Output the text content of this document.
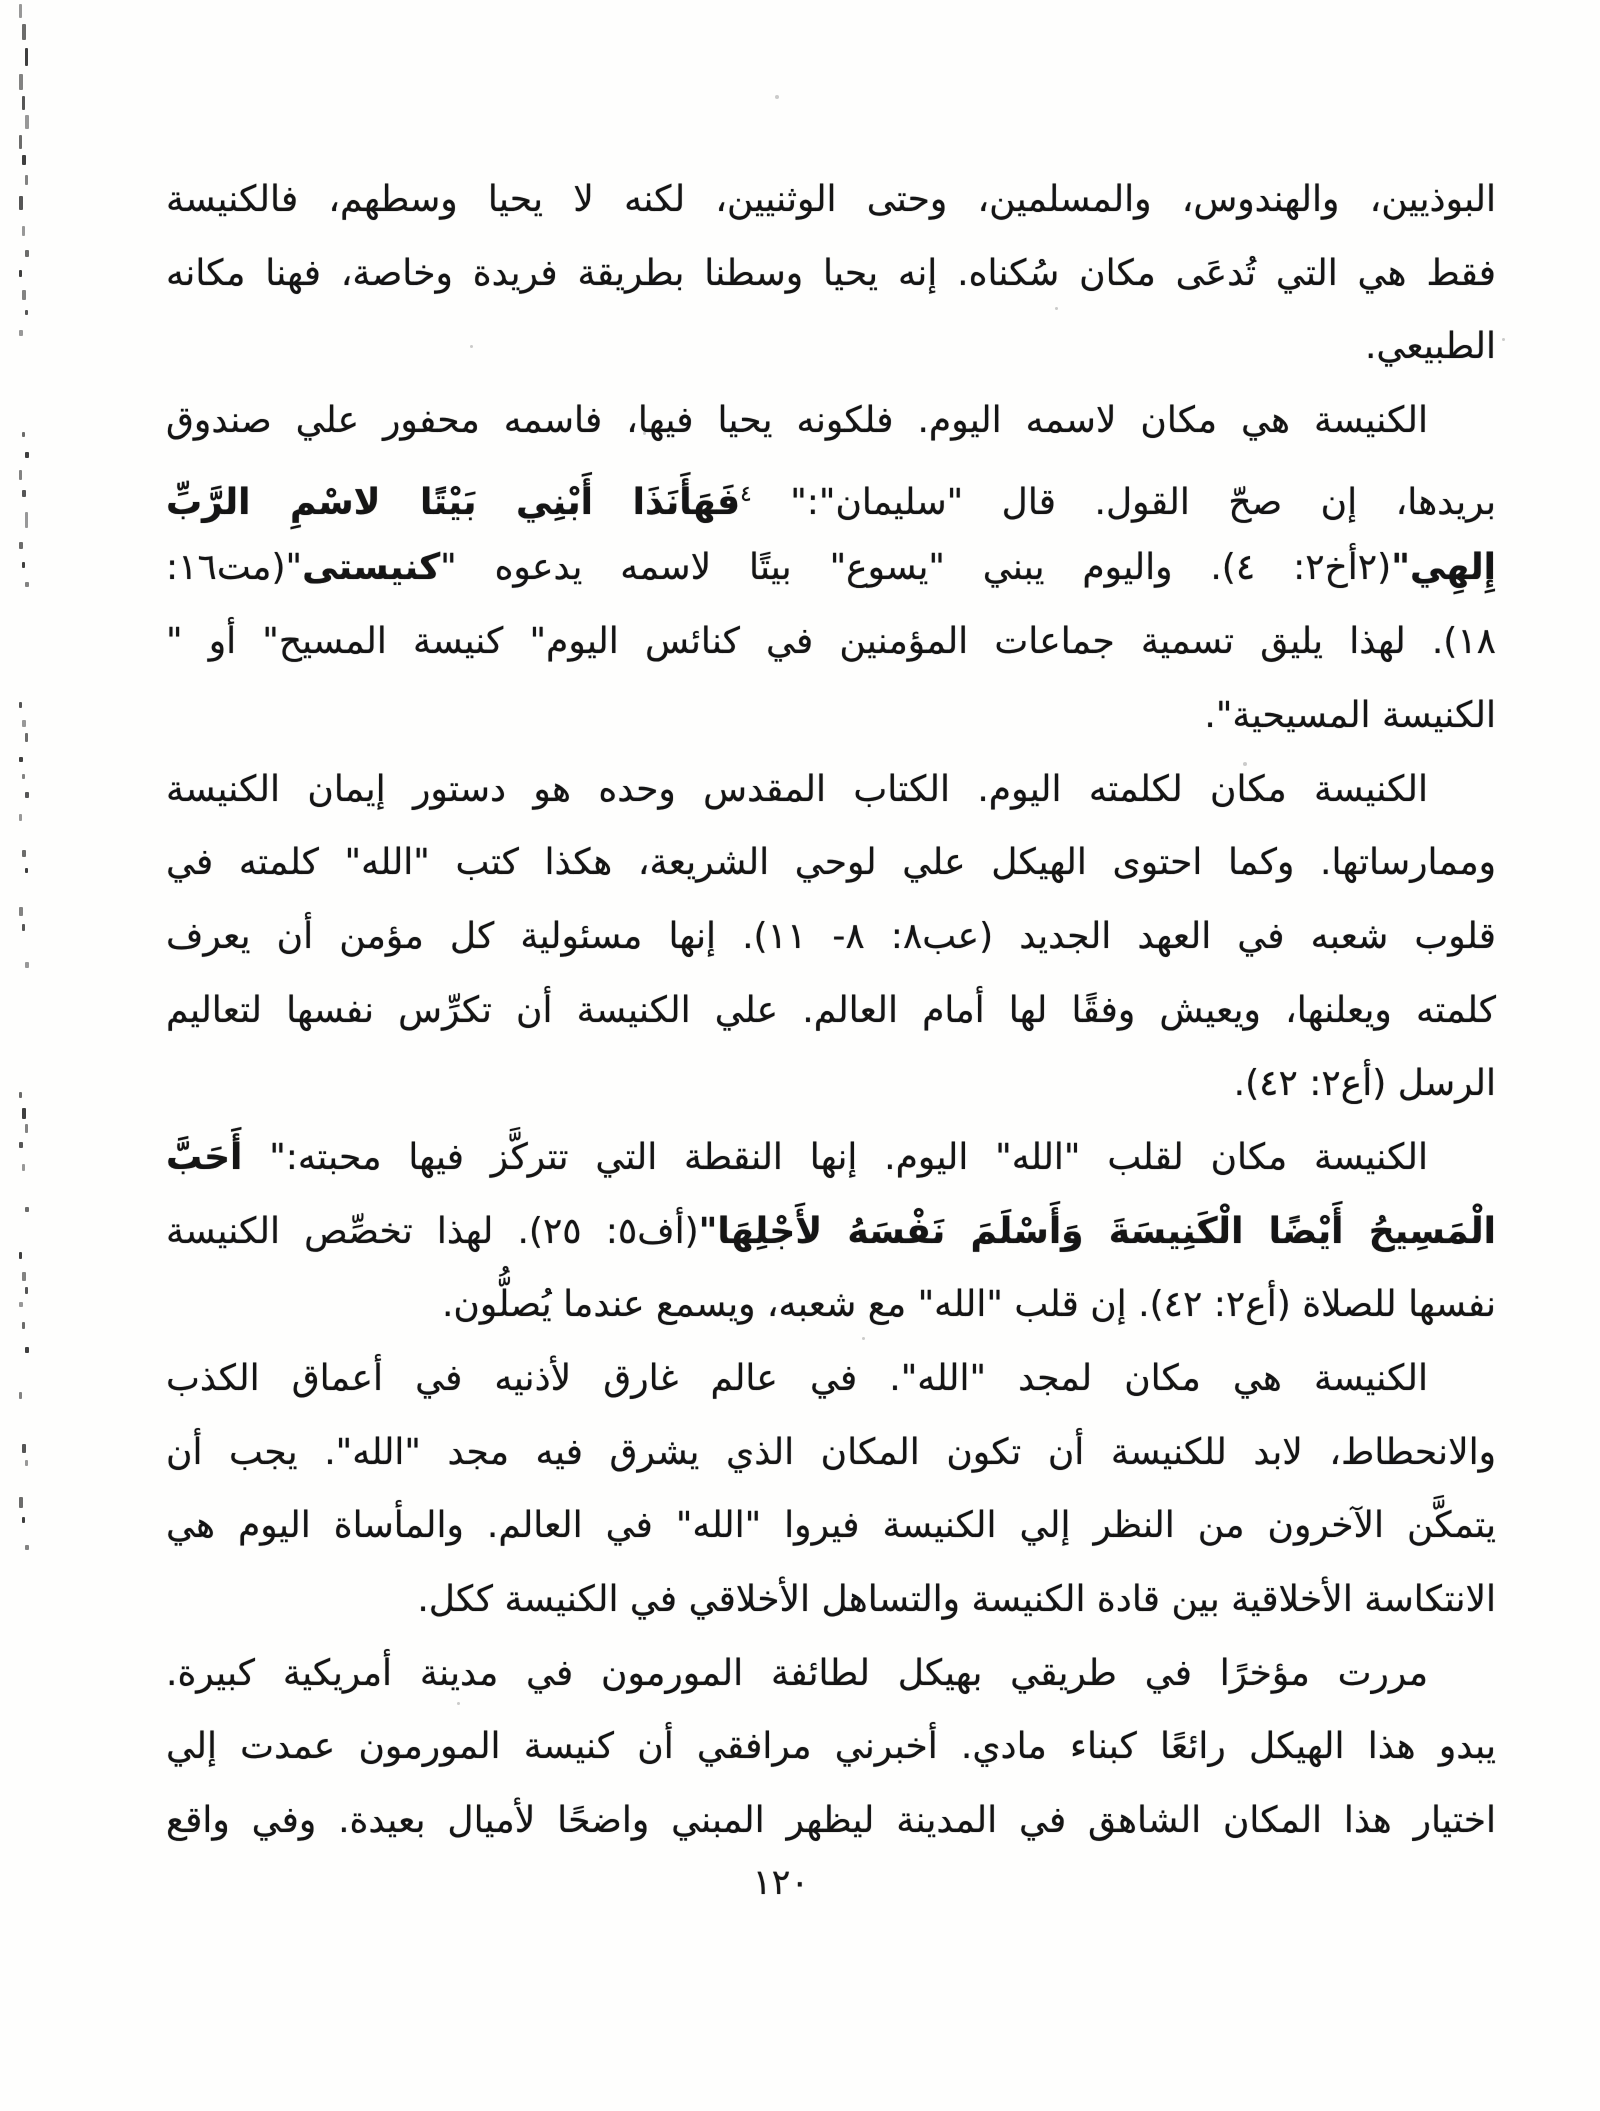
البوذيين، والهندوس، والمسلمين، وحتى الوثنيين، لكنه لا يحيا وسطهم، فالكنيسة
فقط هي التي تُدعَى مكان سُكناه. إنه يحيا وسطنا بطريقة فريدة وخاصة، فهنا مكانه
الطبيعي.
الكنيسة هي مكان لاسمه اليوم. فلكونه يحيا فيها، فاسمه محفور علي صندوق
بريدها، إن صحّ القول. قال "سليمان":" $^٤$فَهَأَنَذَا أَبْنِي بَيْتًا لاسْمِ الرَّبِّ
إِلهِي"(٢أخ٢: ٤). واليوم يبني "يسوع" بيتًا لاسمه يدعوه "كنيستى"(مت١٦:
١٨). لهذا يليق تسمية جماعات المؤمنين في كنائس اليوم" كنيسة المسيح" أو "
الكنيسة المسيحية".
الكنيسة مكان لكلمته اليوم. الكتاب المقدس وحده هو دستور إيمان الكنيسة
وممارساتها. وكما احتوى الهيكل علي لوحي الشريعة، هكذا كتب "الله" كلمته في
قلوب شعبه في العهد الجديد (عب٨: ٨- ١١). إنها مسئولية كل مؤمن أن يعرف
كلمته ويعلنها، ويعيش وفقًا لها أمام العالم. علي الكنيسة أن تكرِّس نفسها لتعاليم
الرسل (أع٢: ٤٢).
الكنيسة مكان لقلب "الله" اليوم. إنها النقطة التي تتركَّز فيها محبته:" أَحَبَّ
الْمَسِيحُ أَيْضًا الْكَنِيسَةَ وَأَسْلَمَ نَفْسَهُ لأَجْلِهَا"(أف٥: ٢٥). لهذا تخصِّص الكنيسة
نفسها للصلاة (أع٢: ٤٢). إن قلب "الله" مع شعبه، ويسمع عندما يُصلُّون.
الكنيسة هي مكان لمجد "الله". في عالم غارق لأذنيه في أعماق الكذب
والانحطاط، لابد للكنيسة أن تكون المكان الذي يشرق فيه مجد "الله". يجب أن
يتمكَّن الآخرون من النظر إلي الكنيسة فيروا "الله" في العالم. والمأساة اليوم هي
الانتكاسة الأخلاقية بين قادة الكنيسة والتساهل الأخلاقي في الكنيسة ككل.
مررت مؤخرًا في طريقي بهيكل لطائفة المورمون في مدينة أمريكية كبيرة.
يبدو هذا الهيكل رائعًا كبناء مادي. أخبرني مرافقي أن كنيسة المورمون عمدت إلي
اختيار هذا المكان الشاهق في المدينة ليظهر المبني واضحًا لأميال بعيدة. وفي واقع
١٢٠
